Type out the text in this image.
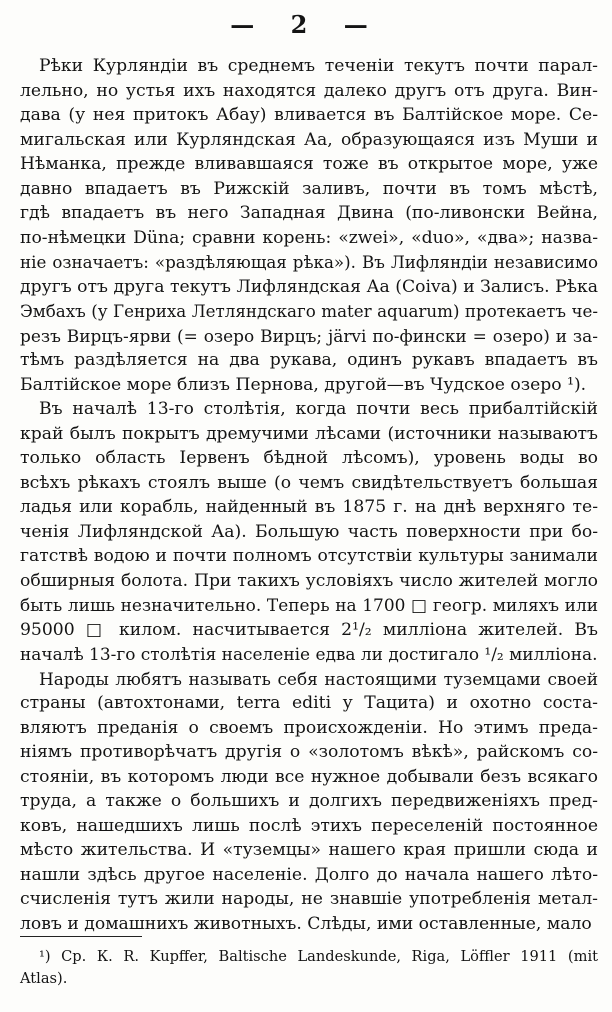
— 2 —
Рѣки Курляндіи въ среднемъ теченіи текутъ почти парал-
лельно, но устья ихъ находятся далеко другъ отъ друга. Вин-
дава (у нея притокъ Абау) вливается въ Балтійское море. Се-
мигальская или Курляндская Аа, образующаяся изъ Муши и
Нѣманка, прежде вливавшаяся тоже въ открытое море, уже
давно впадаетъ въ Рижскій заливъ, почти въ томъ мѣстѣ,
гдѣ впадаетъ въ него Западная Двина (по-ливонски Вейна,
по-нѣмецки Düna; сравни корень: «zwei», «duo», «два»; назва-
ніе означаетъ: «раздѣляющая рѣка»). Въ Лифляндіи независимо
другъ отъ друга текутъ Лифляндская Аа (Coiva) и Залисъ. Рѣка
Эмбахъ (у Генриха Летляндскаго mater aquarum) протекаетъ че-
резъ Вирцъ-ярви (= озеро Вирцъ; järvi по-фински = озеро) и за-
тѣмъ раздѣляется на два рукава, одинъ рукавъ впадаетъ въ
Балтійское море близъ Пернова, другой—въ Чудское озеро ¹).
Въ началѣ 13-го столѣтія, когда почти весь прибалтійскій
край былъ покрытъ дремучими лѣсами (источники называютъ
только область Іервенъ бѣдной лѣсомъ), уровень воды во
всѣхъ рѣкахъ стоялъ выше (о чемъ свидѣтельствуетъ большая
ладья или корабль, найденный въ 1875 г. на днѣ верхняго те-
ченія Лифляндской Аа). Большую часть поверхности при бо-
гатствѣ водою и почти полномъ отсутствіи культуры занимали
обширныя болота. При такихъ условіяхъ число жителей могло
быть лишь незначительно. Теперь на 1700 □ геогр. миляхъ или
95000 □ килом. насчитывается 2¹/₂ милліона жителей. Въ
началѣ 13-го столѣтія населеніе едва ли достигало ¹/₂ милліона.
Народы любятъ называть себя настоящими туземцами своей
страны (автохтонами, terra editi у Тацита) и охотно соста-
вляютъ преданія о своемъ происхожденіи. Но этимъ преда-
ніямъ противорѣчатъ другія о «золотомъ вѣкѣ», райскомъ со-
стояніи, въ которомъ люди все нужное добывали безъ всякаго
труда, а также о большихъ и долгихъ передвиженіяхъ пред-
ковъ, нашедшихъ лишь послѣ этихъ переселеній постоянное
мѣсто жительства. И «туземцы» нашего края пришли сюда и
нашли здѣсь другое населеніе. Долго до начала нашего лѣто-
счисленія тутъ жили народы, не знавшіе употребленія метал-
ловъ и домашнихъ животныхъ. Слѣды, ими оставленные, мало
¹) Ср. К. R. Kupffer, Baltische Landeskunde, Riga, Löffler 1911 (mit
Atlas).
